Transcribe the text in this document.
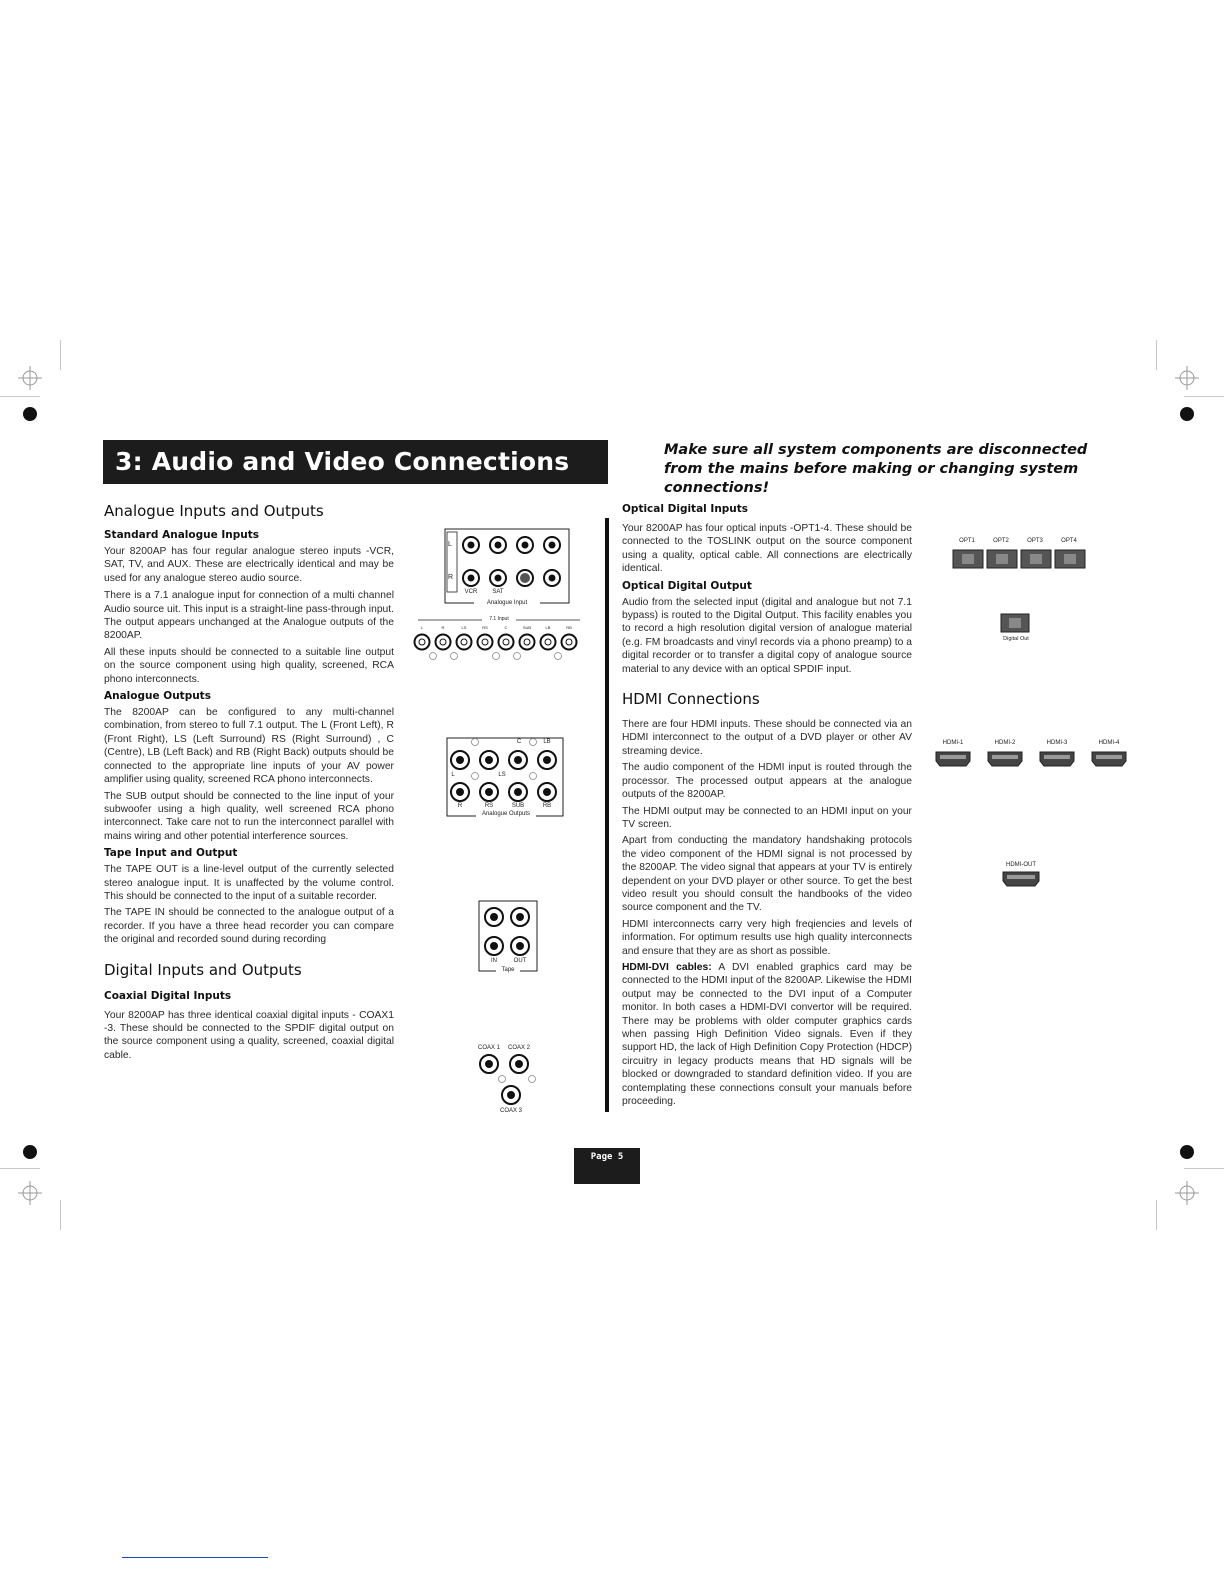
3: Audio and Video Connections	Make sure all system components are disconnected from the mains before making or changing system connections!
Analogue Inputs and Outputs
Standard Analogue Inputs

Your 8200AP has four regular analogue stereo inputs -VCR, SAT, TV, and AUX. These are electrically identical and may be used for any analogue stereo audio source.

There is a 7.1 analogue input for connection of a multi channel Audio source uit. This input is a straight-line pass-through input. The output appears unchanged at the Analogue outputs of the 8200AP.

All these inputs should be connected to a suitable line output on the source component using high quality, screened, RCA phono interconnects.

Analogue Outputs

The 8200AP can be configured to any multi-channel combination, from stereo to full 7.1 output. The L (Front Left), R (Front Right), LS (Left Surround) RS (Right Surround) , C (Centre), LB (Left Back) and RB (Right Back) outputs should be connected to the appropriate line inputs of your AV power amplifier using quality, screened RCA phono interconnects.

The SUB output should be connected to the line input of your subwoofer using a high quality, well screened RCA phono interconnect. Take care not to run the interconnect parallel with mains wiring and other potential interference sources.

Tape Input and Output

The TAPE OUT is a line-level output of the currently selected stereo analogue input. It is unaffected by the volume control. This should be connected to the input of a suitable recorder.

The TAPE IN should be connected to the analogue output of a recorder. If you have a three head recorder you can compare the original and recorded sound during recording

Digital Inputs and Outputs
Coaxial Digital Inputs

Your 8200AP has three identical coaxial digital inputs - COAX1 -3. These should be connected to the SPDIF digital output on the source component using a quality, screened, coaxial digital cable.

Optical Digital Inputs

Your 8200AP has four optical inputs -OPT1-4. These should be connected to the TOSLINK output on the source component using a quality, optical cable. All connections are electrically identical.

Optical Digital Output

Audio from the selected input (digital and analogue but not 7.1 bypass) is routed to the Digital Output. This facility enables you to record a high resolution digital version of analogue material (e.g. FM broadcasts and vinyl records via a phono preamp) to a digital recorder or to transfer a digital copy of analogue source material to any device with an optical SPDIF input.

HDMI Connections

There are four HDMI inputs. These should be connected via an HDMI interconnect to the output of a DVD player or other AV streaming device.

The audio component of the HDMI input is routed through the processor. The processed output appears at the analogue outputs of the 8200AP.

The HDMI output may be connected to an HDMI input on your TV screen.

Apart from conducting the mandatory handshaking protocols the video component of the HDMI signal is not processed by the 8200AP. The video signal that appears at your TV is entirely dependent on your DVD player or other source. To get the best video result you should consult the handbooks of the video source component and the TV.

HDMI interconnects carry very high freqiencies and levels of information. For optimum results use high quality interconnects and ensure that they are as short as possible.

HDMI-DVI cables: A DVI enabled graphics card may be connected to the HDMI input of the 8200AP. Likewise the HDMI output may be connected to the DVI input of a Computer monitor. In both cases a HDMI-DVI convertor will be required. There may be problems with older computer graphics cards when passing High Definition Video signals. Even if they support HD, the lack of High Definition Copy Protection (HDCP) circuitry in legacy products means that HD signals will be blocked or downgraded to standard definition video. If you are contemplating these connections consult your manuals before proceeding.

L
R
VCR	SAT
Analogue Input
7.1 Input
L	R	LS	RS	C	SUB	LB	RB
C	LB
L	LS
R	RS	SUB	RB
Analogue Outputs
IN	OUT
Tape
COAX 1	COAX 2
COAX 3
OPT1	OPT2	OPT3	OPT4
Digital Out
HDMI-1	HDMI-2	HDMI-3	HDMI-4
HDMI-OUT
Page 5
